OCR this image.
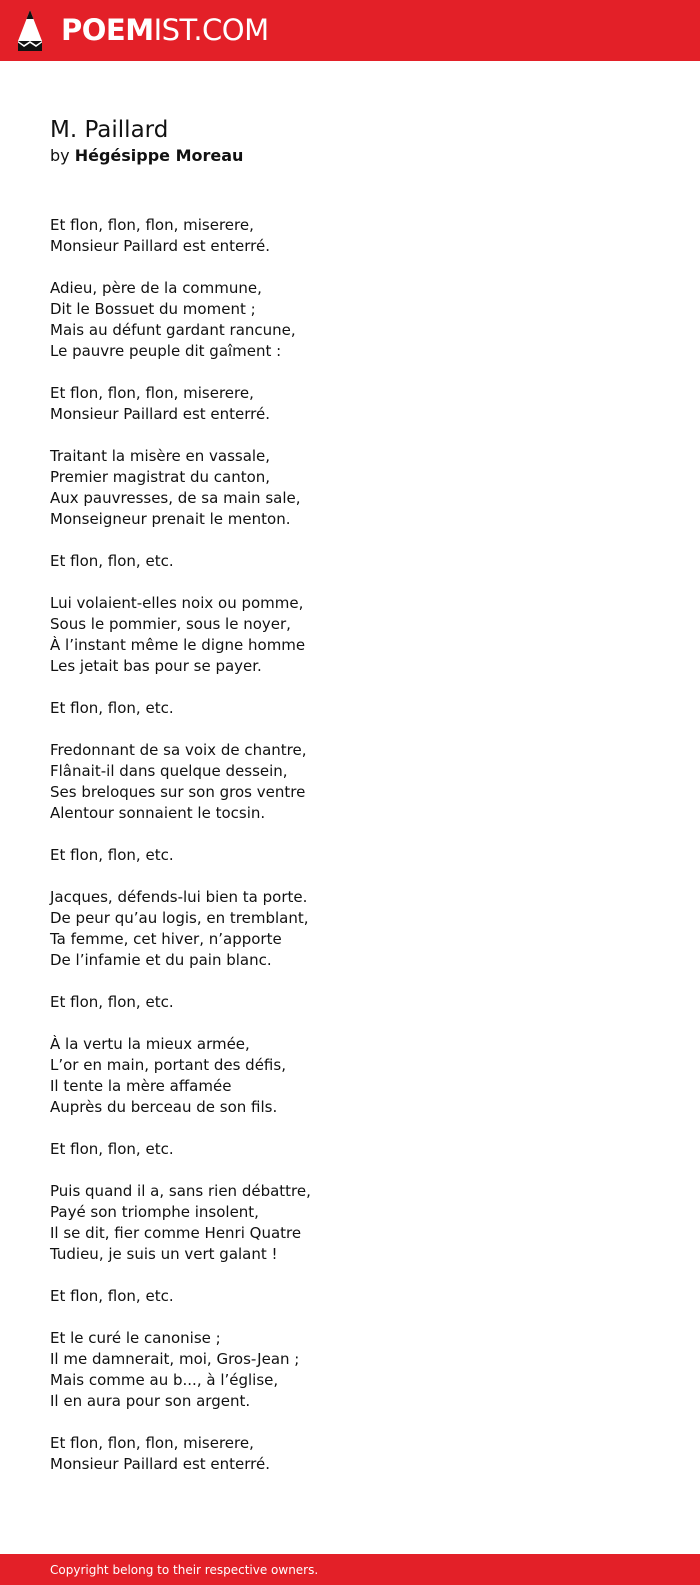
POEMIST.COM
M. Paillard
by Hégésippe Moreau
Et flon, flon, flon, miserere,
Monsieur Paillard est enterré.
Adieu, père de la commune,
Dit le Bossuet du moment ;
Mais au défunt gardant rancune,
Le pauvre peuple dit gaîment :
Et flon, flon, flon, miserere,
Monsieur Paillard est enterré.
Traitant la misère en vassale,
Premier magistrat du canton,
Aux pauvresses, de sa main sale,
Monseigneur prenait le menton.
Et flon, flon, etc.
Lui volaient-elles noix ou pomme,
Sous le pommier, sous le noyer,
À l’instant même le digne homme
Les jetait bas pour se payer.
Et flon, flon, etc.
Fredonnant de sa voix de chantre,
Flânait-il dans quelque dessein,
Ses breloques sur son gros ventre
Alentour sonnaient le tocsin.
Et flon, flon, etc.
Jacques, défends-lui bien ta porte.
De peur qu’au logis, en tremblant,
Ta femme, cet hiver, n’apporte
De l’infamie et du pain blanc.
Et flon, flon, etc.
À la vertu la mieux armée,
L’or en main, portant des défis,
Il tente la mère affamée
Auprès du berceau de son fils.
Et flon, flon, etc.
Puis quand il a, sans rien débattre,
Payé son triomphe insolent,
Il se dit, fier comme Henri Quatre
Tudieu, je suis un vert galant !
Et flon, flon, etc.
Et le curé le canonise ;
Il me damnerait, moi, Gros-Jean ;
Mais comme au b..., à l’église,
Il en aura pour son argent.
Et flon, flon, flon, miserere,
Monsieur Paillard est enterré.
Copyright belong to their respective owners.
